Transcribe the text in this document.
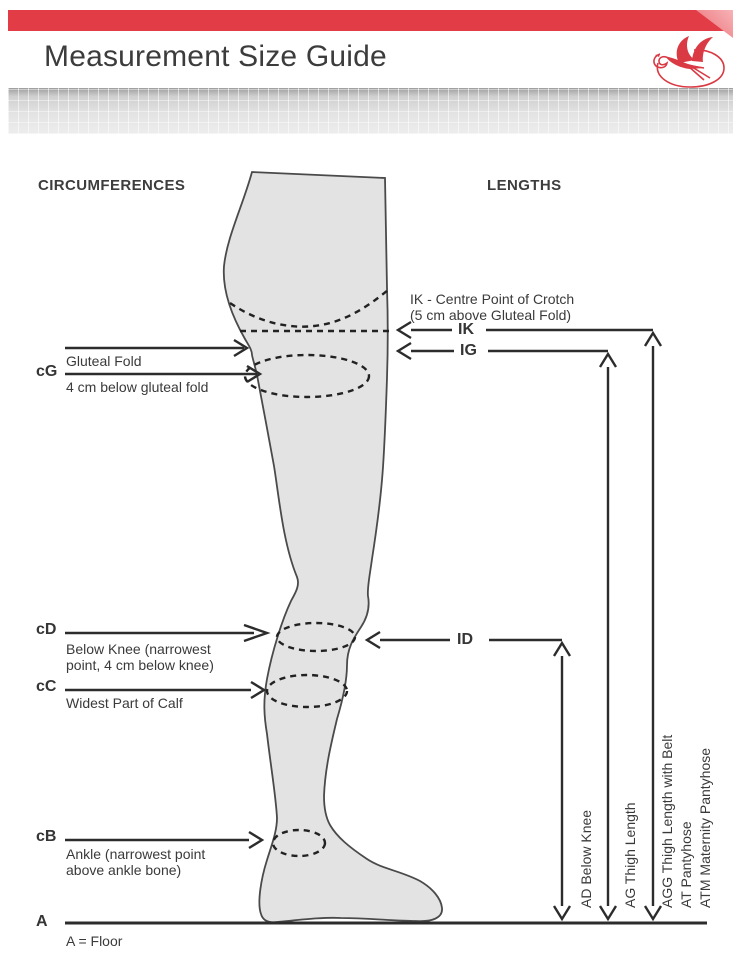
Measurement Size Guide
CIRCUMFERENCES	LENGTHS
Gluteal Fold
cG
4 cm below gluteal fold
cD
Below Knee (narrowest
point, 4 cm below knee)
cC
Widest Part of Calf
cB
Ankle (narrowest point
above ankle bone)
A
A = Floor
IK - Centre Point of Crotch
(5 cm above Gluteal Fold)
IK
IG
ID
AD Below Knee AG Thigh Length AGG Thigh Length with Belt AT Pantyhose ATM Maternity Pantyhose
